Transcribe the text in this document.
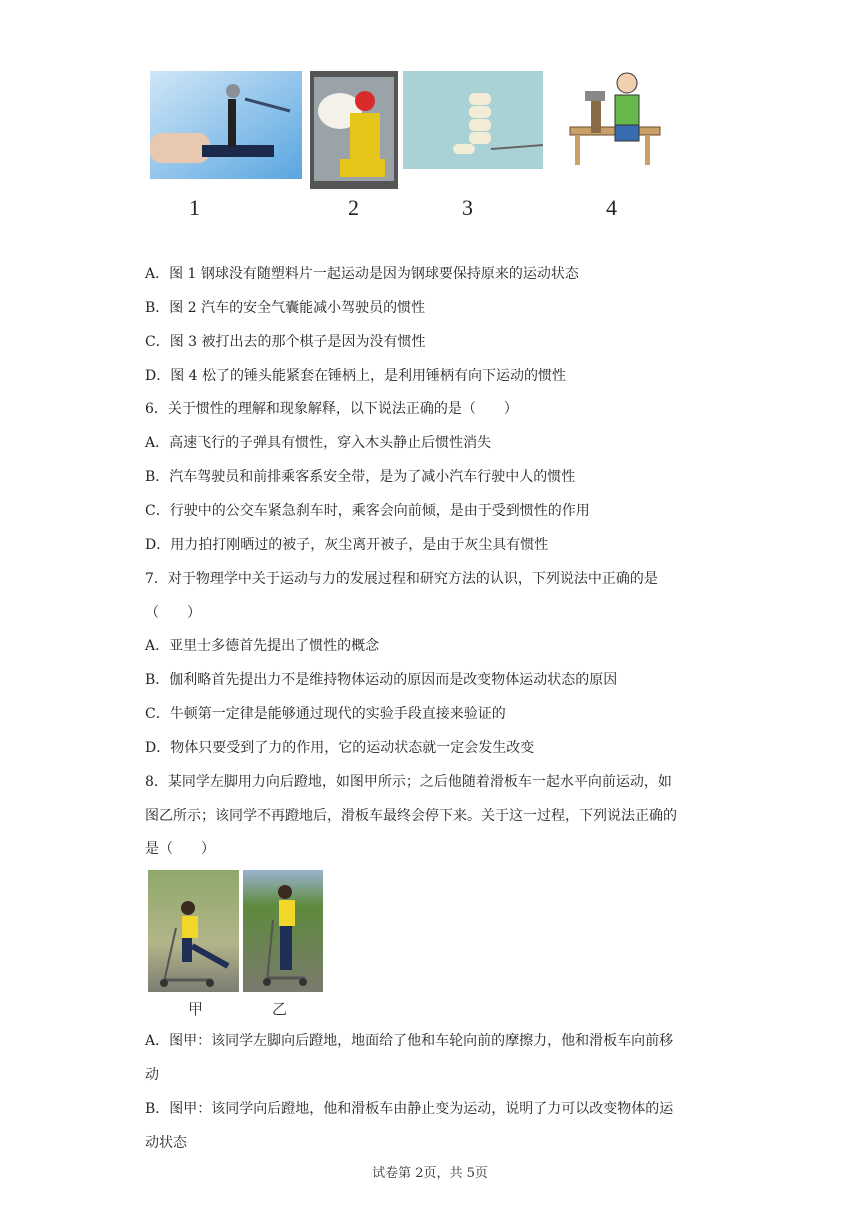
1	2	3	4
A．图 1 钢球没有随塑料片一起运动是因为钢球要保持原来的运动状态
B．图 2 汽车的安全气囊能减小驾驶员的惯性
C．图 3 被打出去的那个棋子是因为没有惯性
D．图 4 松了的锤头能紧套在锤柄上，是利用锤柄有向下运动的惯性
6．关于惯性的理解和现象解释，以下说法正确的是（　　）
A．高速飞行的子弹具有惯性，穿入木头静止后惯性消失
B．汽车驾驶员和前排乘客系安全带，是为了减小汽车行驶中人的惯性
C．行驶中的公交车紧急刹车时，乘客会向前倾，是由于受到惯性的作用
D．用力拍打刚晒过的被子，灰尘离开被子，是由于灰尘具有惯性
7．对于物理学中关于运动与力的发展过程和研究方法的认识，下列说法中正确的是
（　　）
A．亚里士多德首先提出了惯性的概念
B．伽利略首先提出力不是维持物体运动的原因而是改变物体运动状态的原因
C．牛顿第一定律是能够通过现代的实验手段直接来验证的
D．物体只要受到了力的作用，它的运动状态就一定会发生改变
8．某同学左脚用力向后蹬地，如图甲所示；之后他随着滑板车一起水平向前运动，如
图乙所示；该同学不再蹬地后，滑板车最终会停下来。关于这一过程，下列说法正确的
是（　　）
甲	乙
A．图甲：该同学左脚向后蹬地，地面给了他和车轮向前的摩擦力，他和滑板车向前移
动
B．图甲：该同学向后蹬地，他和滑板车由静止变为运动，说明了力可以改变物体的运
动状态
试卷第 2页，共 5页
